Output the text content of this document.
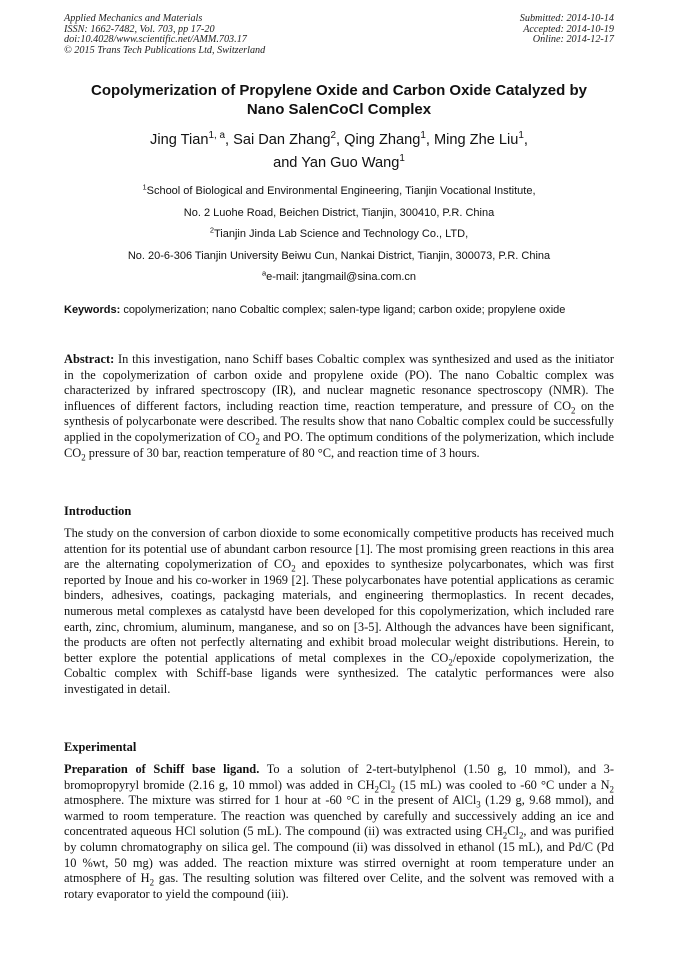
Applied Mechanics and Materials
ISSN: 1662-7482, Vol. 703, pp 17-20
doi:10.4028/www.scientific.net/AMM.703.17
© 2015 Trans Tech Publications Ltd, Switzerland
Submitted: 2014-10-14
Accepted: 2014-10-19
Online: 2014-12-17
Copolymerization of Propylene Oxide and Carbon Oxide Catalyzed by
Nano SalenCoCl Complex
Jing Tian$^{1, a}$, Sai Dan Zhang$^2$, Qing Zhang$^1$, Ming Zhe Liu$^1$,
and Yan Guo Wang$^1$
$^1$School of Biological and Environmental Engineering, Tianjin Vocational Institute,
No. 2 Luohe Road, Beichen District, Tianjin, 300410, P.R. China
$^2$Tianjin Jinda Lab Science and Technology Co., LTD,
No. 20-6-306 Tianjin University Beiwu Cun, Nankai District, Tianjin, 300073, P.R. China
$^a$e-mail: jtangmail@sina.com.cn
Keywords: copolymerization; nano Cobaltic complex; salen-type ligand; carbon oxide; propylene oxide
Abstract: In this investigation, nano Schiff bases Cobaltic complex was synthesized and used as the initiator in the copolymerization of carbon oxide and propylene oxide (PO). The nano Cobaltic complex was characterized by infrared spectroscopy (IR), and nuclear magnetic resonance spectroscopy (NMR). The influences of different factors, including reaction time, reaction temperature, and pressure of $CO_2$ on the synthesis of polycarbonate were described. The results show that nano Cobaltic complex could be successfully applied in the copolymerization of $CO_2$ and PO. The optimum conditions of the polymerization, which include $CO_2$ pressure of 30 bar, reaction temperature of 80 °C, and reaction time of 3 hours.
Introduction
The study on the conversion of carbon dioxide to some economically competitive products has received much attention for its potential use of abundant carbon resource [1]. The most promising green reactions in this area are the alternating copolymerization of $CO_2$ and epoxides to synthesize polycarbonates, which was first reported by Inoue and his co-worker in 1969 [2]. These polycarbonates have potential applications as ceramic binders, adhesives, coatings, packaging materials, and engineering thermoplastics. In recent decades, numerous metal complexes as catalystd have been developed for this copolymerization, which included rare earth, zinc, chromium, aluminum, manganese, and so on [3-5]. Although the advances have been significant, the products are often not perfectly alternating and exhibit broad molecular weight distributions. Herein, to better explore the potential applications of metal complexes in the $CO_2$/epoxide copolymerization, the Cobaltic complex with Schiff-base ligands were synthesized. The catalytic performances were also investigated in detail.
Experimental
Preparation of Schiff base ligand. To a solution of 2-tert-butylphenol (1.50 g, 10 mmol), and 3-bromopropyryl bromide (2.16 g, 10 mmol) was added in $CH_2Cl_2$ (15 mL) was cooled to -60 °C under a $N_2$ atmosphere. The mixture was stirred for 1 hour at -60 °C in the present of AlCl$_3$ (1.29 g, 9.68 mmol), and warmed to room temperature. The reaction was quenched by carefully and successively adding an ice and concentrated aqueous HCl solution (5 mL). The compound (ii) was extracted using $CH_2Cl_2$, and was purified by column chromatography on silica gel. The compound (ii) was dissolved in ethanol (15 mL), and Pd/C (Pd 10 %wt, 50 mg) was added. The reaction mixture was stirred overnight at room temperature under an atmosphere of $H_2$ gas. The resulting solution was filtered over Celite, and the solvent was removed with a rotary evaporator to yield the compound (iii).
